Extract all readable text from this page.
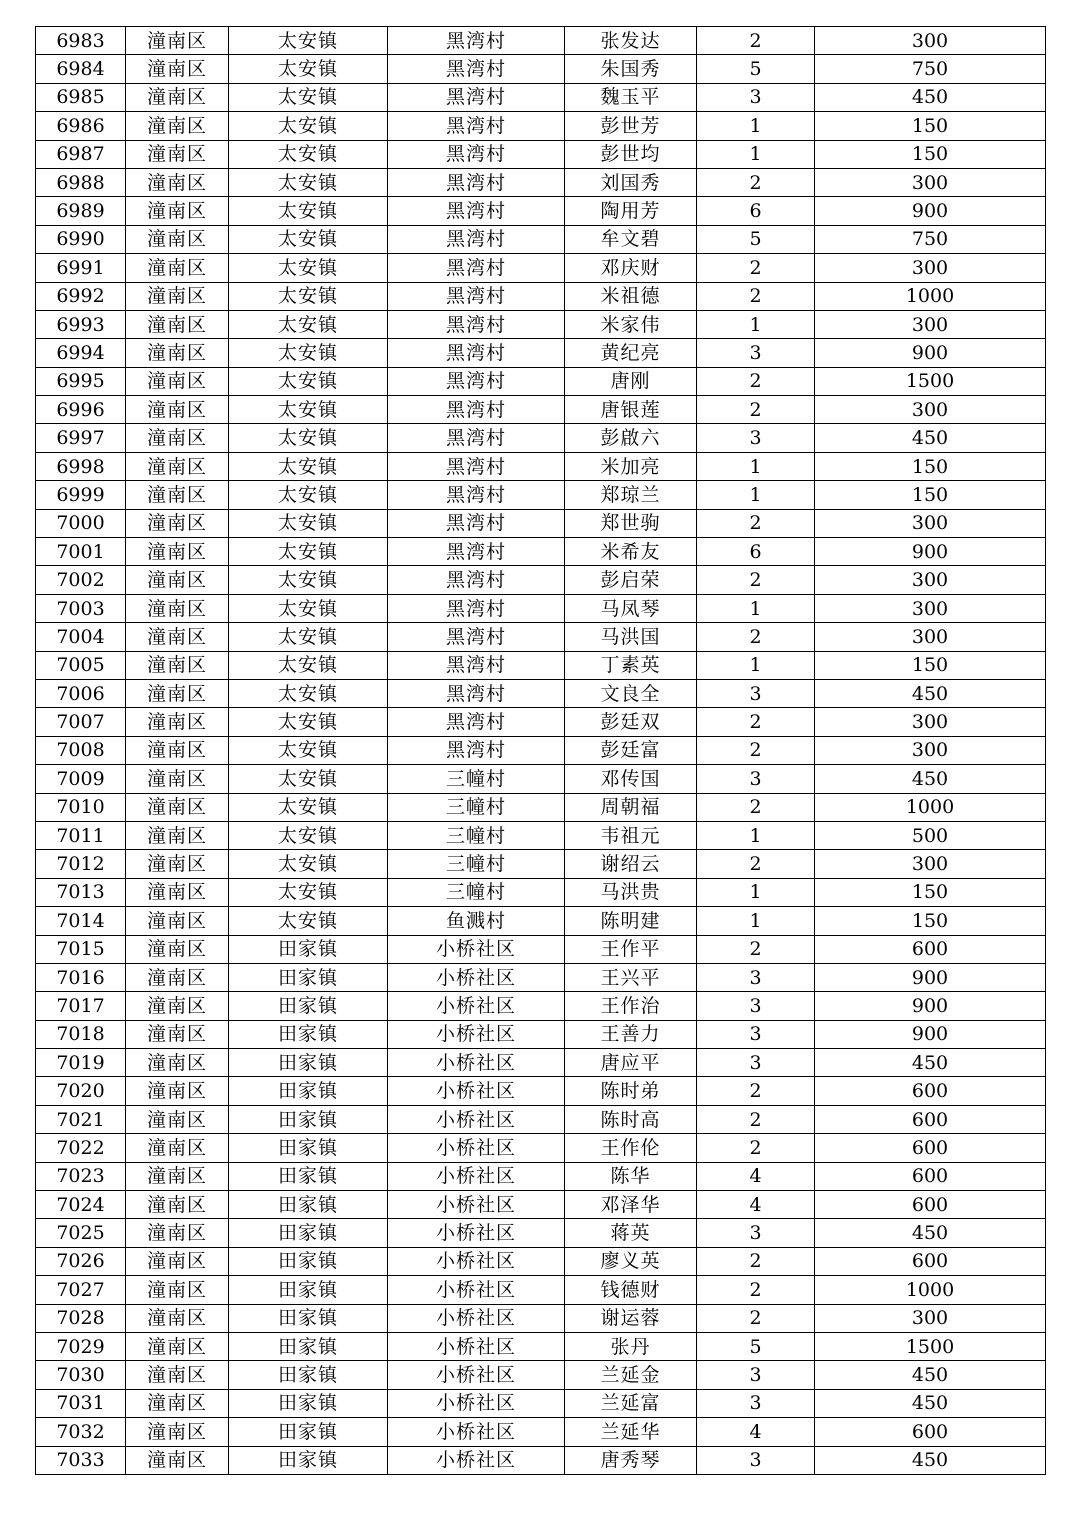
6983	潼南区	太安镇	黑湾村	张发达	2	300
6984	潼南区	太安镇	黑湾村	朱国秀	5	750
6985	潼南区	太安镇	黑湾村	魏玉平	3	450
6986	潼南区	太安镇	黑湾村	彭世芳	1	150
6987	潼南区	太安镇	黑湾村	彭世均	1	150
6988	潼南区	太安镇	黑湾村	刘国秀	2	300
6989	潼南区	太安镇	黑湾村	陶用芳	6	900
6990	潼南区	太安镇	黑湾村	牟文碧	5	750
6991	潼南区	太安镇	黑湾村	邓庆财	2	300
6992	潼南区	太安镇	黑湾村	米祖德	2	1000
6993	潼南区	太安镇	黑湾村	米家伟	1	300
6994	潼南区	太安镇	黑湾村	黄纪亮	3	900
6995	潼南区	太安镇	黑湾村	唐刚	2	1500
6996	潼南区	太安镇	黑湾村	唐银莲	2	300
6997	潼南区	太安镇	黑湾村	彭啟六	3	450
6998	潼南区	太安镇	黑湾村	米加亮	1	150
6999	潼南区	太安镇	黑湾村	郑琼兰	1	150
7000	潼南区	太安镇	黑湾村	郑世驹	2	300
7001	潼南区	太安镇	黑湾村	米希友	6	900
7002	潼南区	太安镇	黑湾村	彭启荣	2	300
7003	潼南区	太安镇	黑湾村	马凤琴	1	300
7004	潼南区	太安镇	黑湾村	马洪国	2	300
7005	潼南区	太安镇	黑湾村	丁素英	1	150
7006	潼南区	太安镇	黑湾村	文良全	3	450
7007	潼南区	太安镇	黑湾村	彭廷双	2	300
7008	潼南区	太安镇	黑湾村	彭廷富	2	300
7009	潼南区	太安镇	三幢村	邓传国	3	450
7010	潼南区	太安镇	三幢村	周朝福	2	1000
7011	潼南区	太安镇	三幢村	韦祖元	1	500
7012	潼南区	太安镇	三幢村	谢绍云	2	300
7013	潼南区	太安镇	三幢村	马洪贵	1	150
7014	潼南区	太安镇	鱼溅村	陈明建	1	150
7015	潼南区	田家镇	小桥社区	王作平	2	600
7016	潼南区	田家镇	小桥社区	王兴平	3	900
7017	潼南区	田家镇	小桥社区	王作治	3	900
7018	潼南区	田家镇	小桥社区	王善力	3	900
7019	潼南区	田家镇	小桥社区	唐应平	3	450
7020	潼南区	田家镇	小桥社区	陈时弟	2	600
7021	潼南区	田家镇	小桥社区	陈时高	2	600
7022	潼南区	田家镇	小桥社区	王作伦	2	600
7023	潼南区	田家镇	小桥社区	陈华	4	600
7024	潼南区	田家镇	小桥社区	邓泽华	4	600
7025	潼南区	田家镇	小桥社区	蒋英	3	450
7026	潼南区	田家镇	小桥社区	廖义英	2	600
7027	潼南区	田家镇	小桥社区	钱德财	2	1000
7028	潼南区	田家镇	小桥社区	谢运蓉	2	300
7029	潼南区	田家镇	小桥社区	张丹	5	1500
7030	潼南区	田家镇	小桥社区	兰延金	3	450
7031	潼南区	田家镇	小桥社区	兰延富	3	450
7032	潼南区	田家镇	小桥社区	兰延华	4	600
7033	潼南区	田家镇	小桥社区	唐秀琴	3	450
